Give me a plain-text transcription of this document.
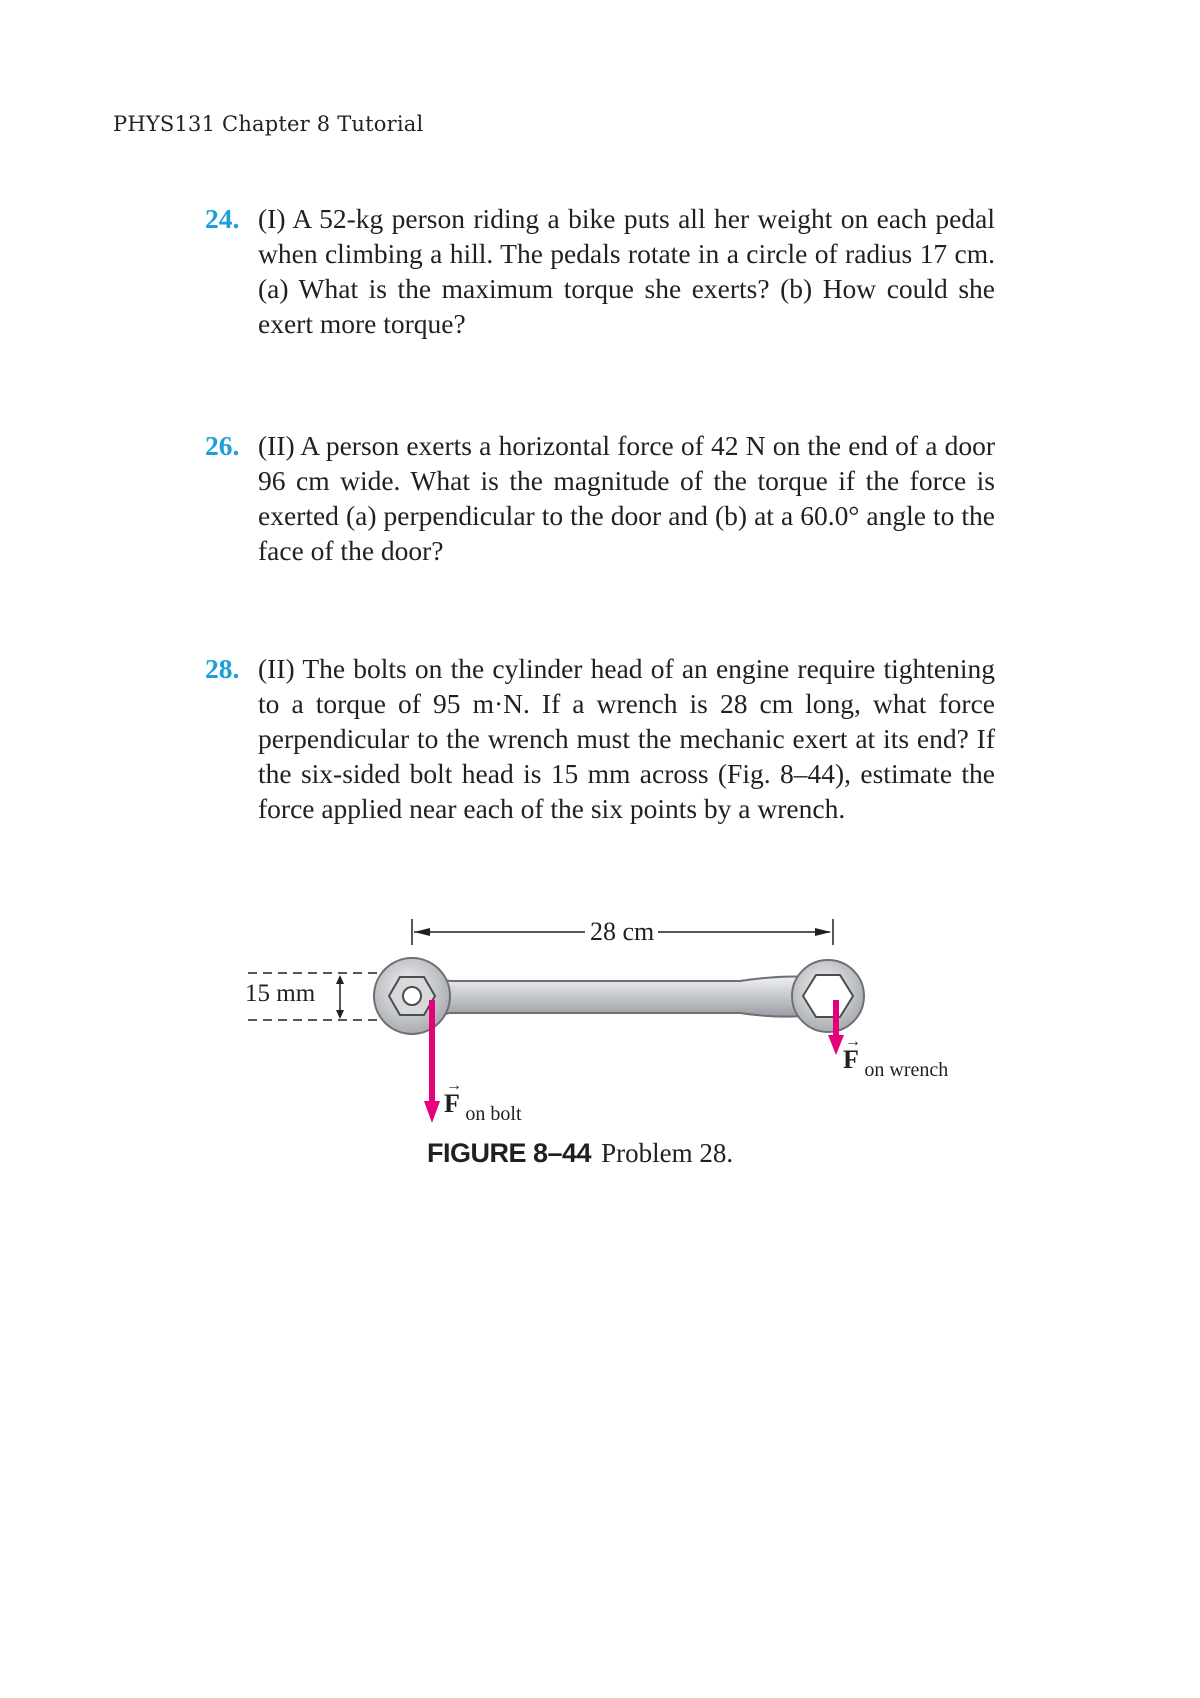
PHYS131 Chapter 8 Tutorial
24. (I) A 52-kg person riding a bike puts all her weight on each pedal when climbing a hill. The pedals rotate in a circle of radius 17 cm. (a) What is the maximum torque she exerts? (b) How could she exert more torque?
26. (II) A person exerts a horizontal force of 42 N on the end of a door 96 cm wide. What is the magnitude of the torque if the force is exerted (a) perpendicular to the door and (b) at a 60.0° angle to the face of the door?
28. (II) The bolts on the cylinder head of an engine require tightening to a torque of 95 m·N. If a wrench is 28 cm long, what force perpendicular to the wrench must the mechanic exert at its end? If the six-sided bolt head is 15 mm across (Fig. 8–44), estimate the force applied near each of the six points by a wrench.
28 cm
15 mm
→
F $_{on bolt}$
→
F $_{on wrench}$
FIGURE 8–44 Problem 28.
